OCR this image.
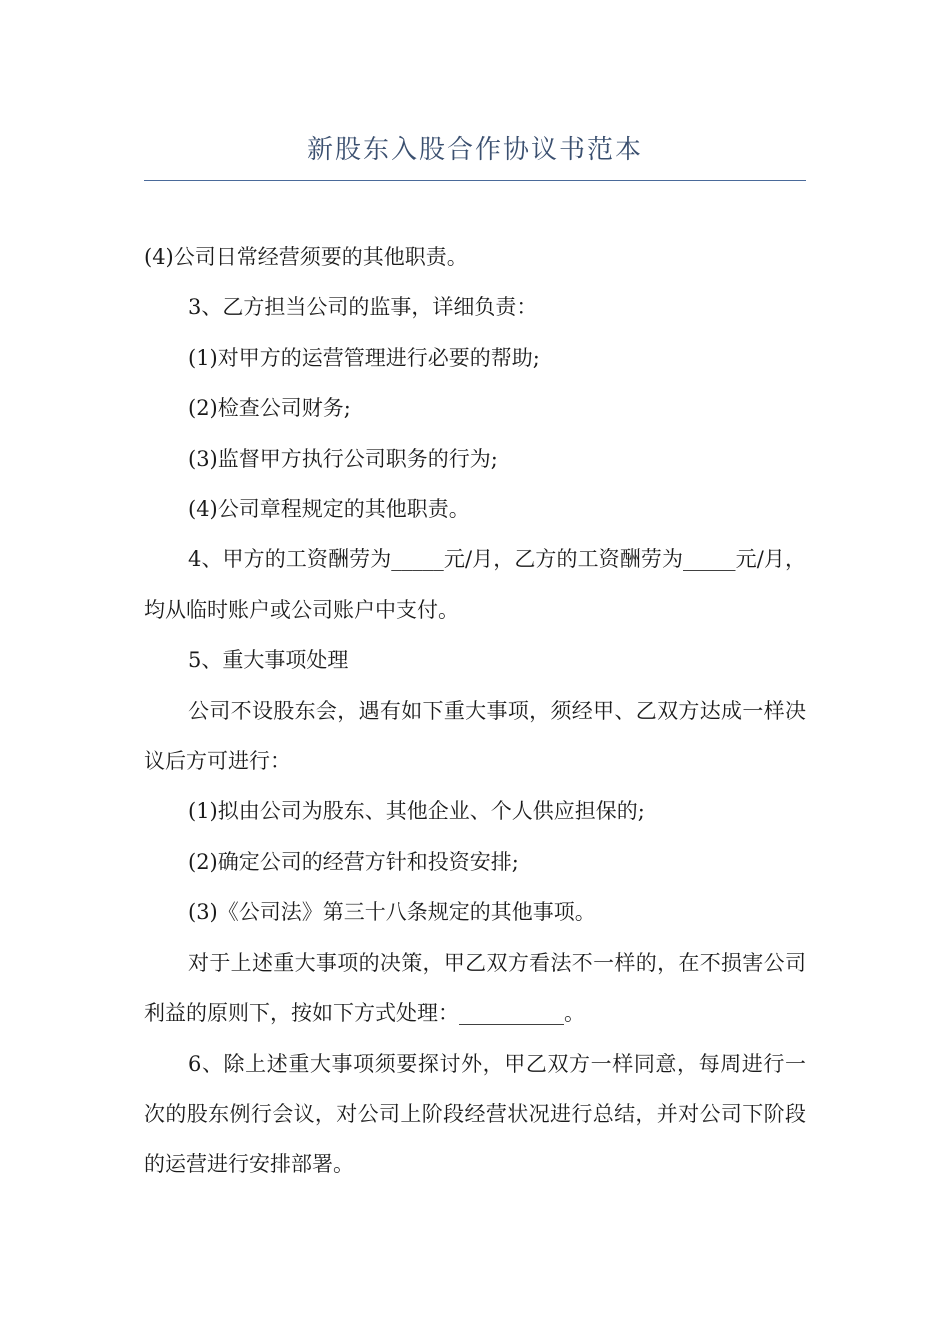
新股东入股合作协议书范本

(4)公司日常经营须要的其他职责。

3、乙方担当公司的监事，详细负责：

(1)对甲方的运营管理进行必要的帮助;

(2)检查公司财务;

(3)监督甲方执行公司职务的行为;

(4)公司章程规定的其他职责。

4、甲方的工资酬劳为_____元/月，乙方的工资酬劳为_____元/月，均从临时账户或公司账户中支付。

5、重大事项处理

公司不设股东会，遇有如下重大事项，须经甲、乙双方达成一样决议后方可进行：

(1)拟由公司为股东、其他企业、个人供应担保的;

(2)确定公司的经营方针和投资安排;

(3)《公司法》第三十八条规定的其他事项。

对于上述重大事项的决策，甲乙双方看法不一样的，在不损害公司利益的原则下，按如下方式处理：__________。

6、除上述重大事项须要探讨外，甲乙双方一样同意，每周进行一次的股东例行会议，对公司上阶段经营状况进行总结，并对公司下阶段的运营进行安排部署。
